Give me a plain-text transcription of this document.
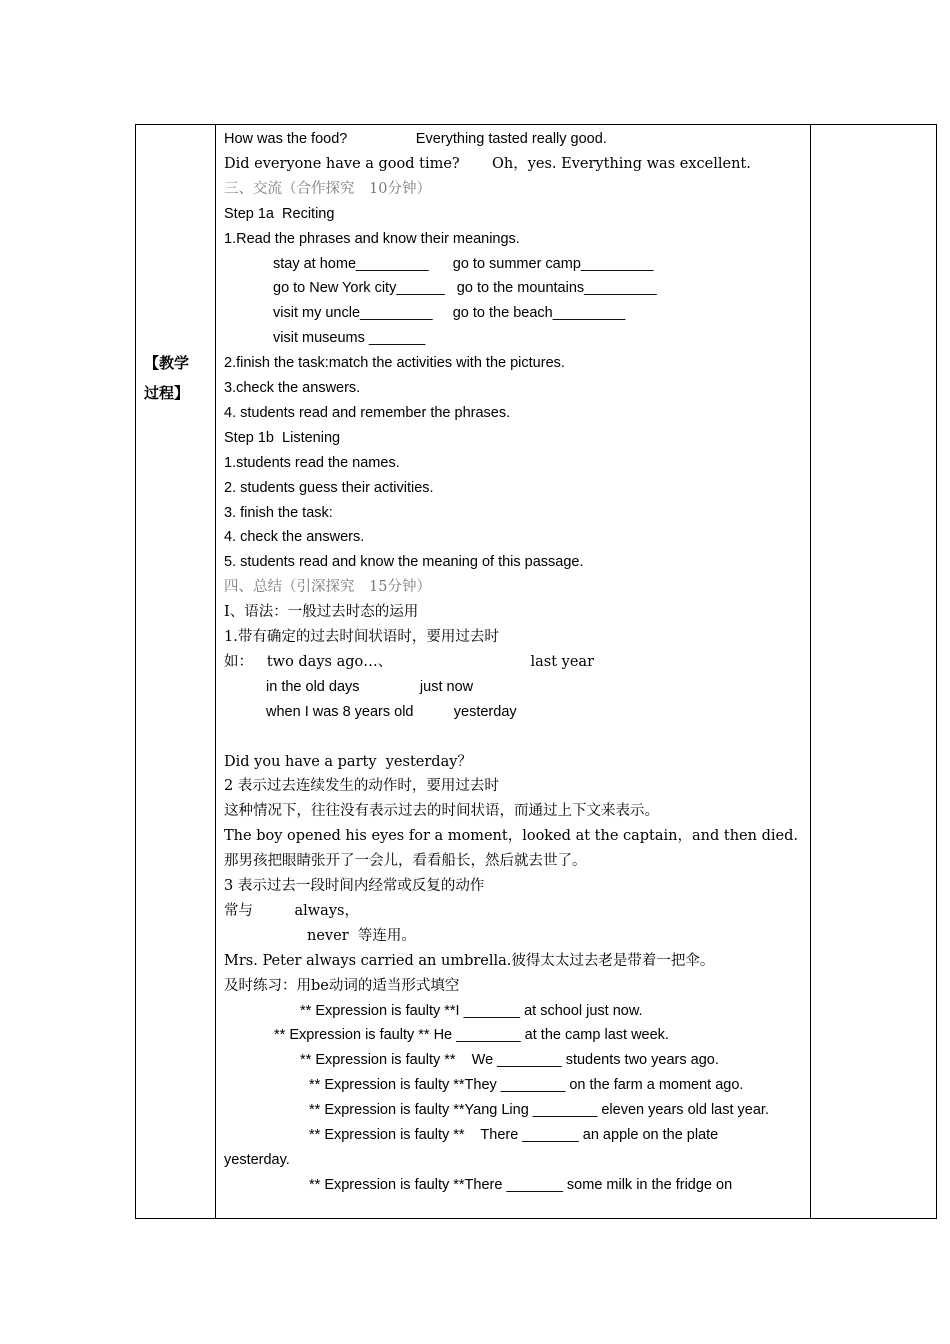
【教学
过程】
How was the food?                 Everything tasted really good.
Did everyone have a good time?       Oh，yes. Everything was excellent.
三、交流（合作探究　10分钟）
Step 1a  Reciting
1.Read the phrases and know their meanings.
stay at home_________      go to summer camp_________
go to New York city______   go to the mountains_________
visit my uncle_________     go to the beach_________
visit museums _______
2.finish the task:match the activities with the pictures.
3.check the answers.
4. students read and remember the phrases.
Step 1b  Listening
1.students read the names.
2. students guess their activities.
3. finish the task:
4. check the answers.
5. students read and know the meaning of this passage.
四、总结（引深探究　15分钟）
I、语法：一般过去时态的运用
1.带有确定的过去时间状语时，要用过去时
如：   two days ago…、                              last year
in the old days               just now
when I was 8 years old          yesterday
Did you have a party  yesterday？
2 表示过去连续发生的动作时，要用过去时
这种情况下，往往没有表示过去的时间状语，而通过上下文来表示。
The boy opened his eyes for a moment，looked at the captain，and then died.
那男孩把眼睛张开了一会儿，看看船长，然后就去世了。
3 表示过去一段时间内经常或反复的动作
常与         always，
never  等连用。
Mrs. Peter always carried an umbrella.彼得太太过去老是带着一把伞。
及时练习：用be动词的适当形式填空
** Expression is faulty **I _______ at school just now.
** Expression is faulty ** He ________ at the camp last week.
** Expression is faulty **    We ________ students two years ago.
** Expression is faulty **They ________ on the farm a moment ago.
** Expression is faulty **Yang Ling ________ eleven years old last year.
** Expression is faulty **    There _______ an apple on the plate
yesterday.
** Expression is faulty **There _______ some milk in the fridge on
